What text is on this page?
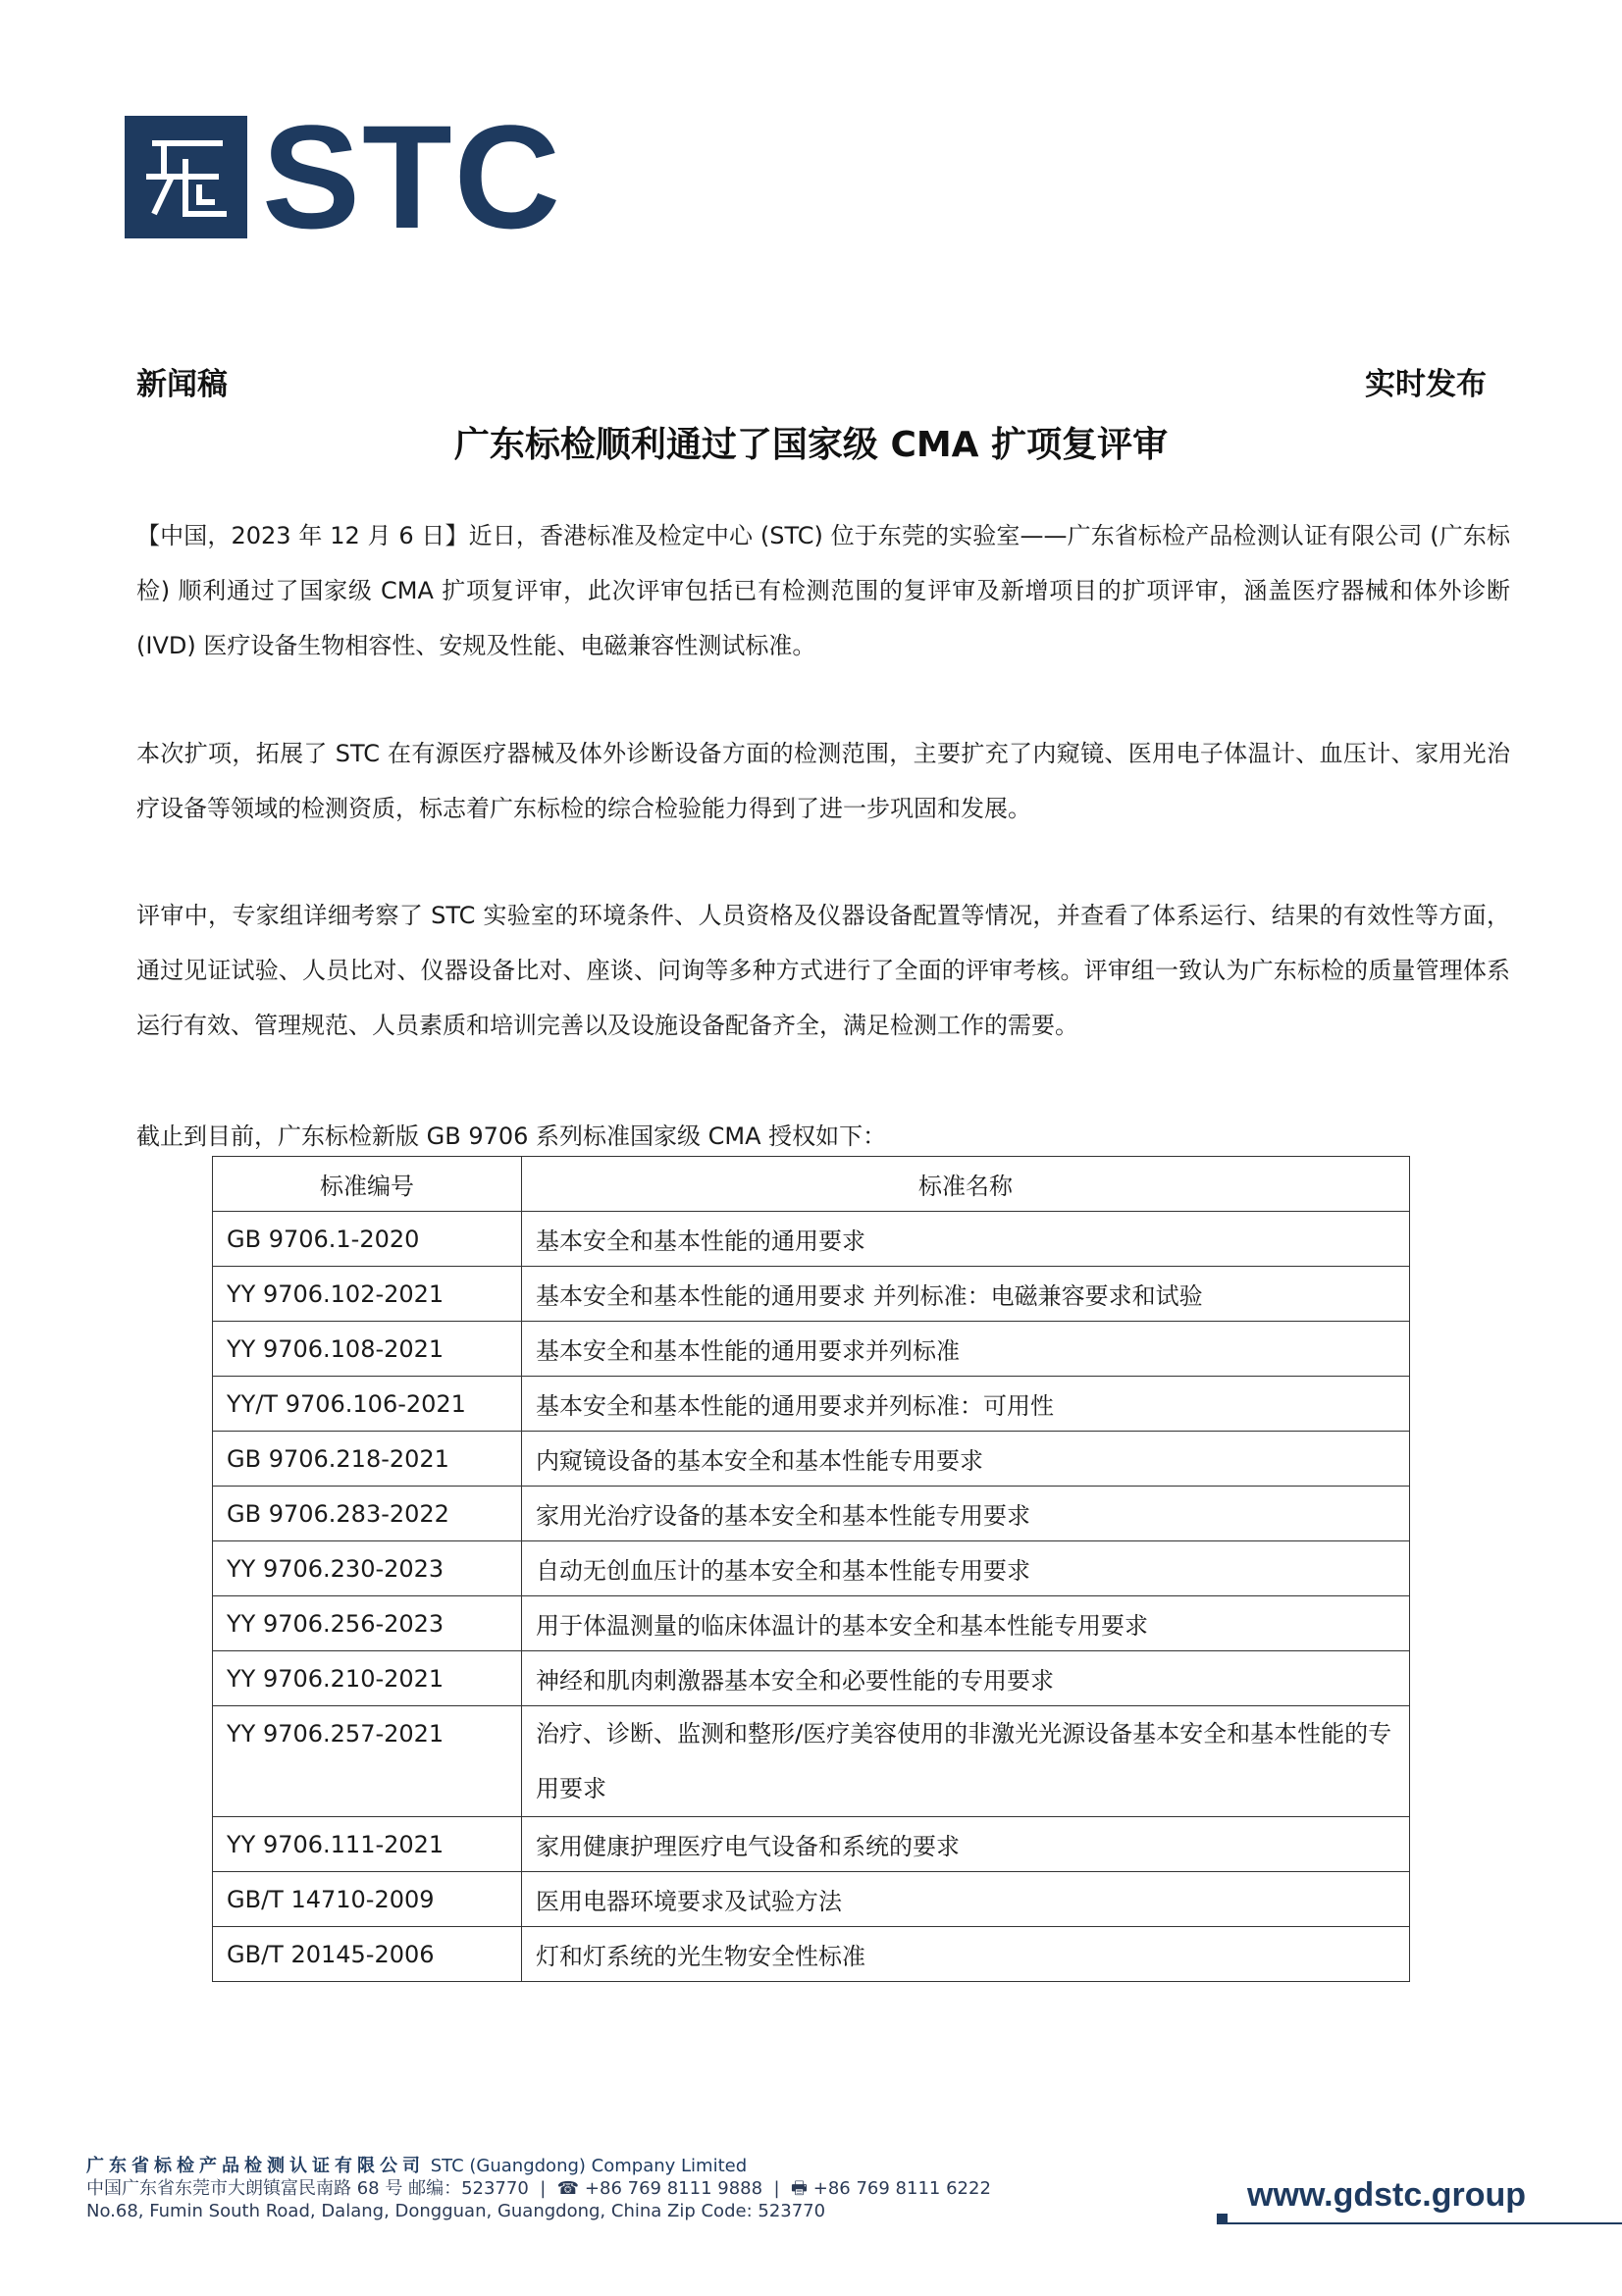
STC
新闻稿	实时发布
广东标检顺利通过了国家级 CMA 扩项复评审
【中国，2023 年 12 月 6 日】近日，香港标准及检定中心 (STC) 位于东莞的实验室——广东省标检产品检测认证有限公司 (广东标检) 顺利通过了国家级 CMA 扩项复评审，此次评审包括已有检测范围的复评审及新增项目的扩项评审，涵盖医疗器械和体外诊断 (IVD) 医疗设备生物相容性、安规及性能、电磁兼容性测试标准。
本次扩项，拓展了 STC 在有源医疗器械及体外诊断设备方面的检测范围，主要扩充了内窥镜、医用电子体温计、血压计、家用光治疗设备等领域的检测资质，标志着广东标检的综合检验能力得到了进一步巩固和发展。
评审中，专家组详细考察了 STC 实验室的环境条件、人员资格及仪器设备配置等情况，并查看了体系运行、结果的有效性等方面，通过见证试验、人员比对、仪器设备比对、座谈、问询等多种方式进行了全面的评审考核。评审组一致认为广东标检的质量管理体系运行有效、管理规范、人员素质和培训完善以及设施设备配备齐全，满足检测工作的需要。
截止到目前，广东标检新版 GB 9706 系列标准国家级 CMA 授权如下：
标准编号	标准名称
GB 9706.1-2020	基本安全和基本性能的通用要求
YY 9706.102-2021	基本安全和基本性能的通用要求 并列标准：电磁兼容要求和试验
YY 9706.108-2021	基本安全和基本性能的通用要求并列标准
YY/T 9706.106-2021	基本安全和基本性能的通用要求并列标准：可用性
GB 9706.218-2021	内窥镜设备的基本安全和基本性能专用要求
GB 9706.283-2022	家用光治疗设备的基本安全和基本性能专用要求
YY 9706.230-2023	自动无创血压计的基本安全和基本性能专用要求
YY 9706.256-2023	用于体温测量的临床体温计的基本安全和基本性能专用要求
YY 9706.210-2021	神经和肌肉刺激器基本安全和必要性能的专用要求
YY 9706.257-2021	治疗、诊断、监测和整形/医疗美容使用的非激光光源设备基本安全和基本性能的专用要求
YY 9706.111-2021	家用健康护理医疗电气设备和系统的要求
GB/T 14710-2009	医用电器环境要求及试验方法
GB/T 20145-2006	灯和灯系统的光生物安全性标准
广东省标检产品检测认证有限公司 STC (Guangdong) Company Limited
中国广东省东莞市大朗镇富民南路 68 号 邮编：523770  |  ☎ +86 769 8111 9888  |  🖶 +86 769 8111 6222
No.68, Fumin South Road, Dalang, Dongguan, Guangdong, China Zip Code: 523770	www.gdstc.group
